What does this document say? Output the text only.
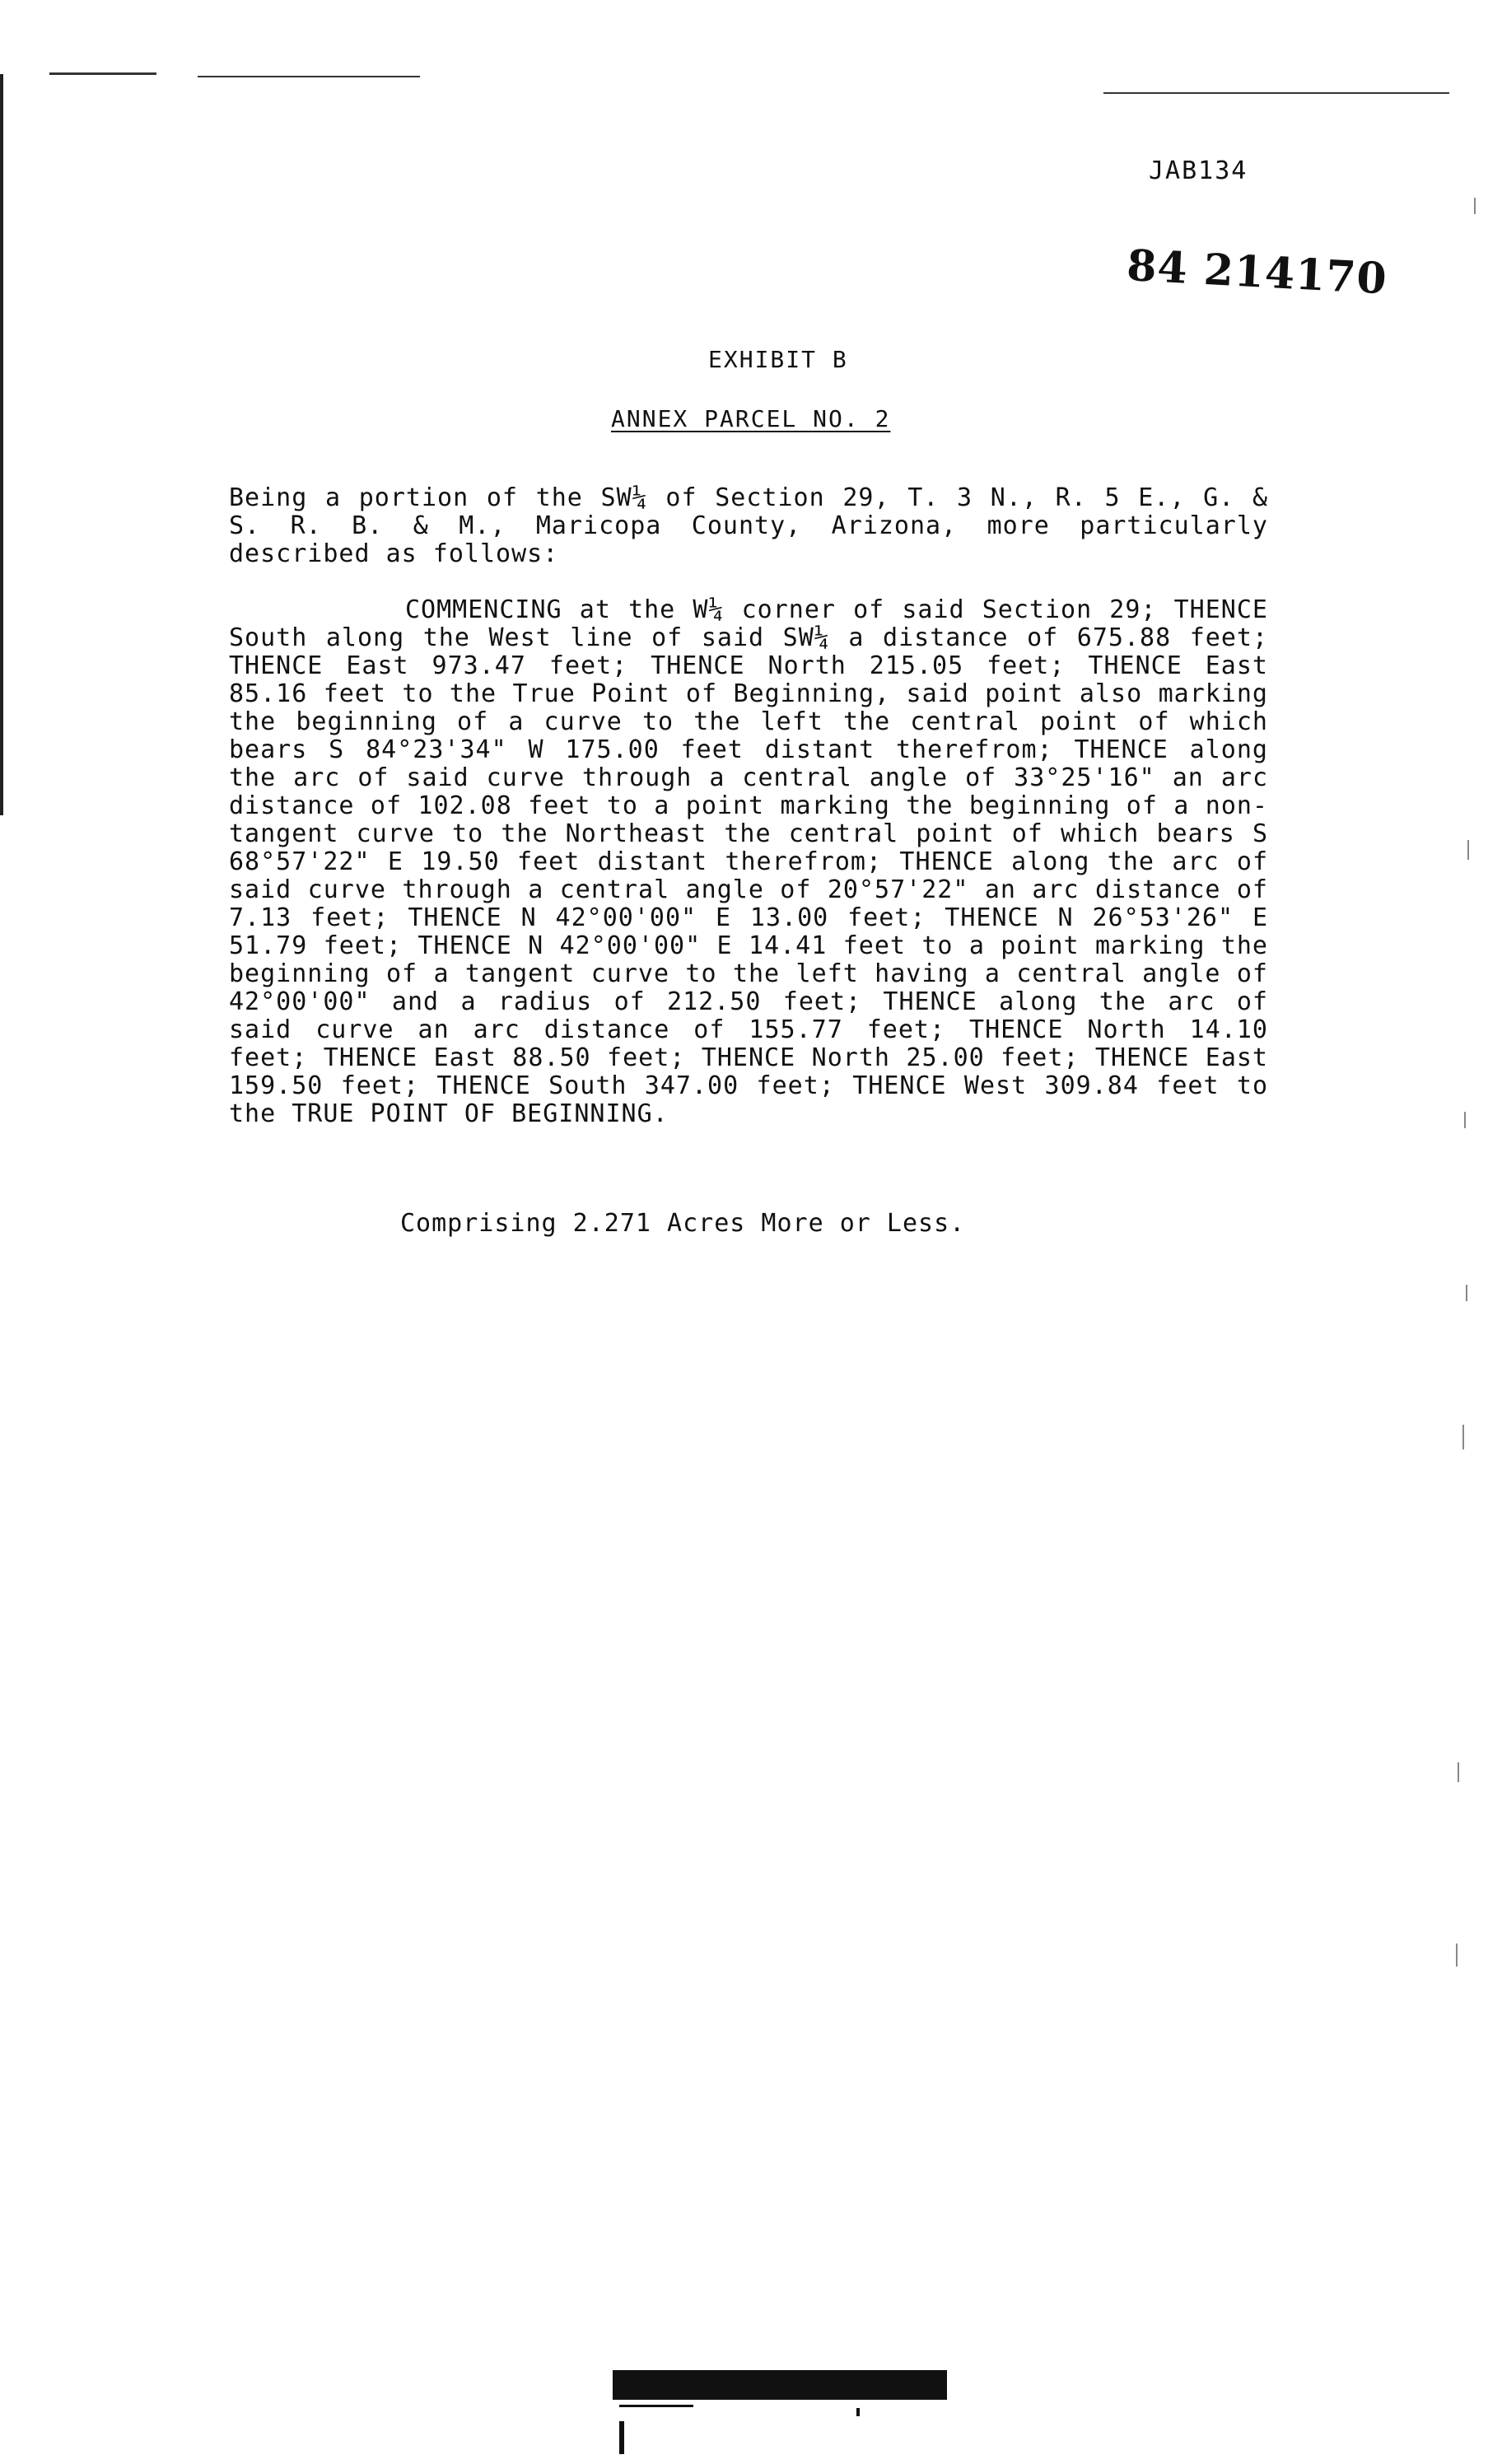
JAB134
84 214170
EXHIBIT B
ANNEX PARCEL NO. 2
Being a portion of the SW¼ of Section 29, T. 3 N., R. 5 E., G. & S. R. B. & M., Maricopa County, Arizona, more particularly described as follows:
COMMENCING at the W¼ corner of said Section 29; THENCE South along the West line of said SW¼ a distance of 675.88 feet; THENCE East 973.47 feet; THENCE North 215.05 feet; THENCE East 85.16 feet to the True Point of Beginning, said point also marking the beginning of a curve to the left the central point of which bears S 84°23'34" W 175.00 feet distant therefrom; THENCE along the arc of said curve through a central angle of 33°25'16" an arc distance of 102.08 feet to a point marking the beginning of a non-tangent curve to the Northeast the central point of which bears S 68°57'22" E 19.50 feet distant therefrom; THENCE along the arc of said curve through a central angle of 20°57'22" an arc distance of 7.13 feet; THENCE N 42°00'00" E 13.00 feet; THENCE N 26°53'26" E 51.79 feet; THENCE N 42°00'00" E 14.41 feet to a point marking the beginning of a tangent curve to the left having a central angle of 42°00'00" and a radius of 212.50 feet; THENCE along the arc of said curve an arc distance of 155.77 feet; THENCE North 14.10 feet; THENCE East 88.50 feet; THENCE North 25.00 feet; THENCE East 159.50 feet; THENCE South 347.00 feet; THENCE West 309.84 feet to the TRUE POINT OF BEGINNING.
Comprising 2.271 Acres More or Less.
